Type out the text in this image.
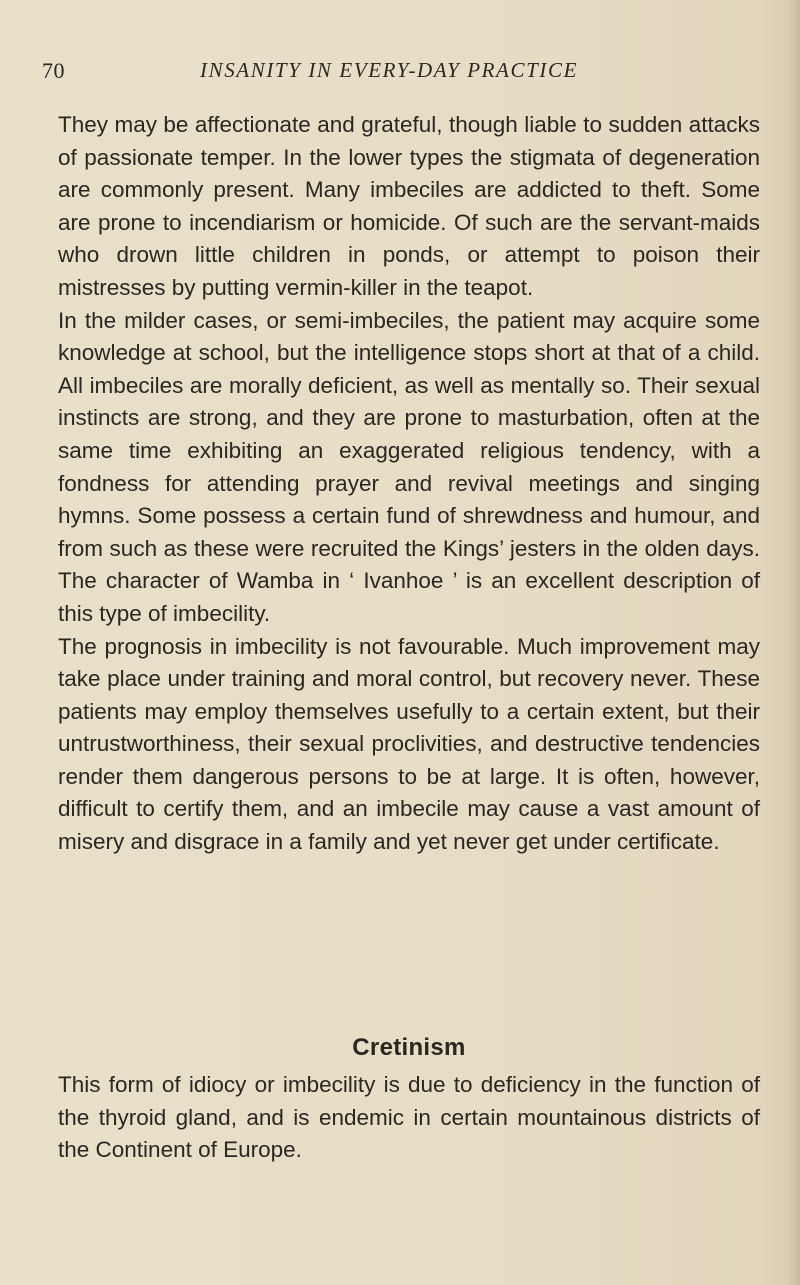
70	INSANITY IN EVERY-DAY PRACTICE

They may be affectionate and grateful, though liable to sudden attacks of passionate temper. In the lower types the stigmata of degeneration are commonly present. Many imbeciles are addicted to theft. Some are prone to incendiarism or homicide. Of such are the servant-maids who drown little children in ponds, or attempt to poison their mistresses by putting vermin-killer in the teapot.

In the milder cases, or semi-imbeciles, the patient may acquire some knowledge at school, but the intelligence stops short at that of a child. All imbeciles are morally deficient, as well as mentally so. Their sexual instincts are strong, and they are prone to masturbation, often at the same time exhibiting an exaggerated religious tendency, with a fondness for attending prayer and revival meetings and singing hymns. Some possess a certain fund of shrewdness and humour, and from such as these were recruited the Kings’ jesters in the olden days. The character of Wamba in ‘ Ivanhoe ’ is an excellent description of this type of imbecility.

The prognosis in imbecility is not favourable. Much improvement may take place under training and moral control, but recovery never. These patients may employ themselves usefully to a certain extent, but their untrustworthiness, their sexual proclivities, and destructive tendencies render them dangerous persons to be at large. It is often, however, difficult to certify them, and an imbecile may cause a vast amount of misery and disgrace in a family and yet never get under certificate.

Cretinism

This form of idiocy or imbecility is due to deficiency in the function of the thyroid gland, and is endemic in certain mountainous districts of the Continent of Europe.
